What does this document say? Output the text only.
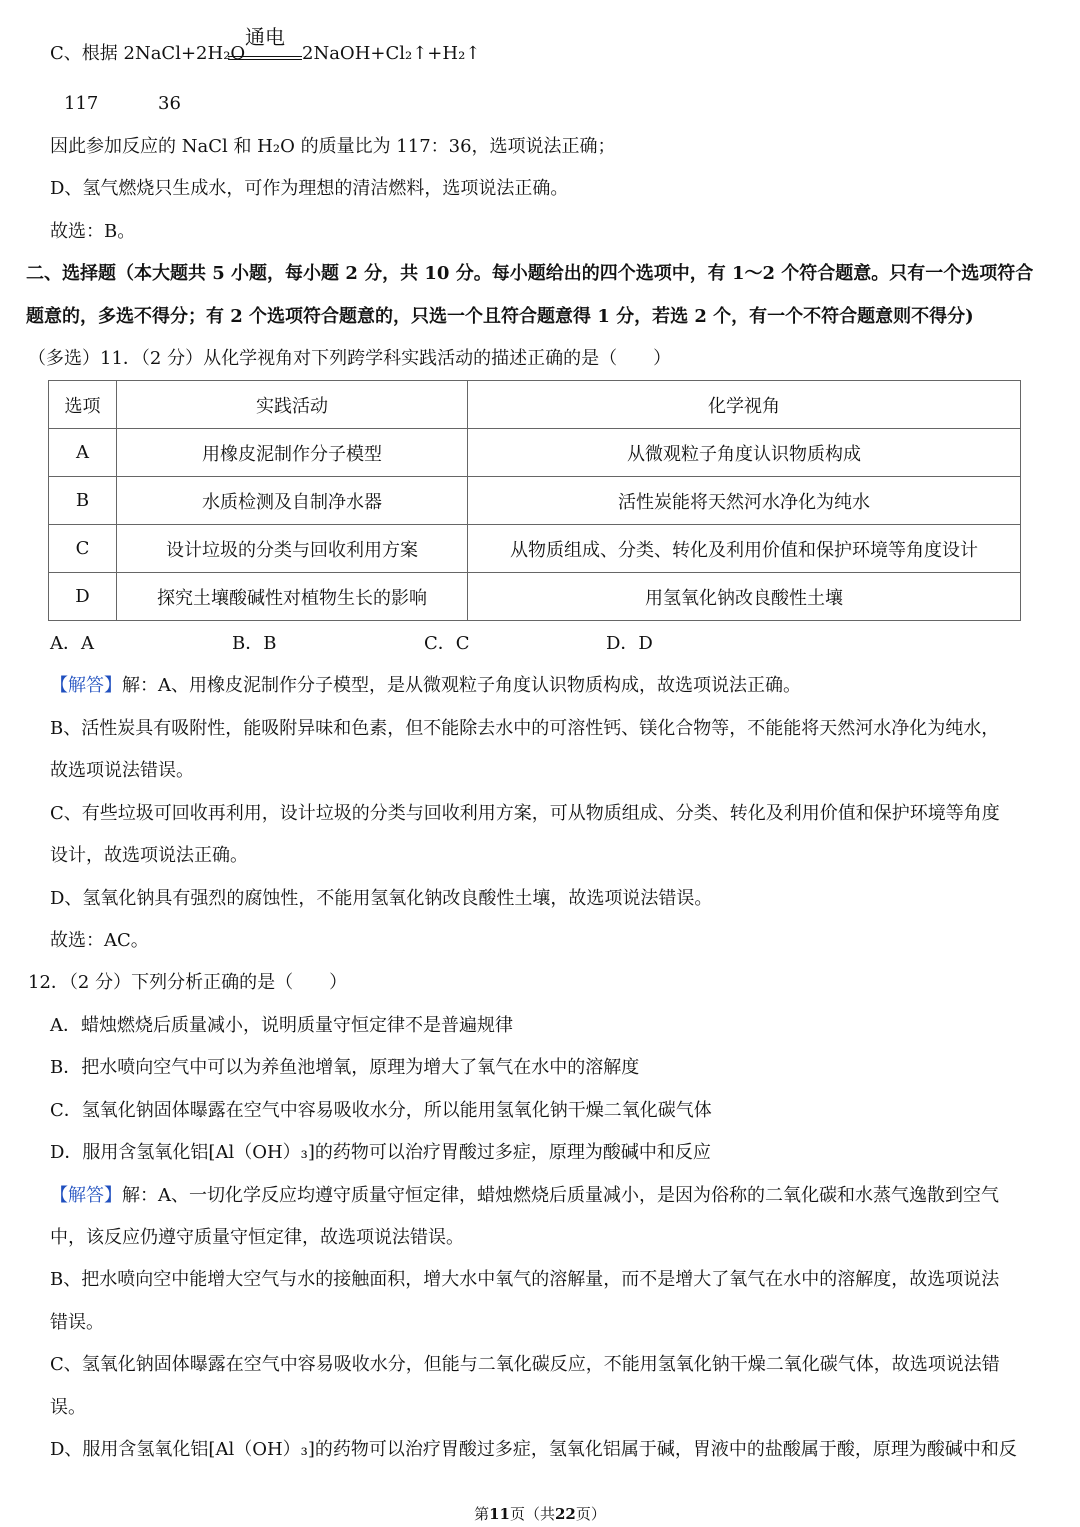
C、根据 2NaCl+2H₂O
通电
2NaOH+Cl₂↑+H₂↑
117	36
因此参加反应的 NaCl 和 H₂O 的质量比为 117：36，选项说法正确；
D、氢气燃烧只生成水，可作为理想的清洁燃料，选项说法正确。
故选：B。
二、选择题（本大题共 5 小题，每小题 2 分，共 10 分。每小题给出的四个选项中，有 1～2 个符合题意。只有一个选项符合
题意的，多选不得分；有 2 个选项符合题意的，只选一个且符合题意得 1 分，若选 2 个，有一个不符合题意则不得分)
（多选）11．（2 分）从化学视角对下列跨学科实践活动的描述正确的是（　　）
选项	实践活动	化学视角
A	用橡皮泥制作分子模型	从微观粒子角度认识物质构成
B	水质检测及自制净水器	活性炭能将天然河水净化为纯水
C	设计垃圾的分类与回收利用方案	从物质组成、分类、转化及利用价值和保护环境等角度设计
D	探究土壤酸碱性对植物生长的影响	用氢氧化钠改良酸性土壤
A．A	B．B	C．C	D．D
【解答】解：A、用橡皮泥制作分子模型，是从微观粒子角度认识物质构成，故选项说法正确。
B、活性炭具有吸附性，能吸附异味和色素，但不能除去水中的可溶性钙、镁化合物等，不能能将天然河水净化为纯水，
故选项说法错误。
C、有些垃圾可回收再利用，设计垃圾的分类与回收利用方案，可从物质组成、分类、转化及利用价值和保护环境等角度
设计，故选项说法正确。
D、氢氧化钠具有强烈的腐蚀性，不能用氢氧化钠改良酸性土壤，故选项说法错误。
故选：AC。
12．（2 分）下列分析正确的是（　　）
A．蜡烛燃烧后质量减小，说明质量守恒定律不是普遍规律
B．把水喷向空气中可以为养鱼池增氧，原理为增大了氧气在水中的溶解度
C．氢氧化钠固体曝露在空气中容易吸收水分，所以能用氢氧化钠干燥二氧化碳气体
D．服用含氢氧化铝[Al（OH）₃]的药物可以治疗胃酸过多症，原理为酸碱中和反应
【解答】解：A、一切化学反应均遵守质量守恒定律，蜡烛燃烧后质量减小，是因为俗称的二氧化碳和水蒸气逸散到空气
中，该反应仍遵守质量守恒定律，故选项说法错误。
B、把水喷向空中能增大空气与水的接触面积，增大水中氧气的溶解量，而不是增大了氧气在水中的溶解度，故选项说法
错误。
C、氢氧化钠固体曝露在空气中容易吸收水分，但能与二氧化碳反应，不能用氢氧化钠干燥二氧化碳气体，故选项说法错
误。
D、服用含氢氧化铝[Al（OH）₃]的药物可以治疗胃酸过多症，氢氧化铝属于碱，胃液中的盐酸属于酸，原理为酸碱中和反
第11页（共22页）
